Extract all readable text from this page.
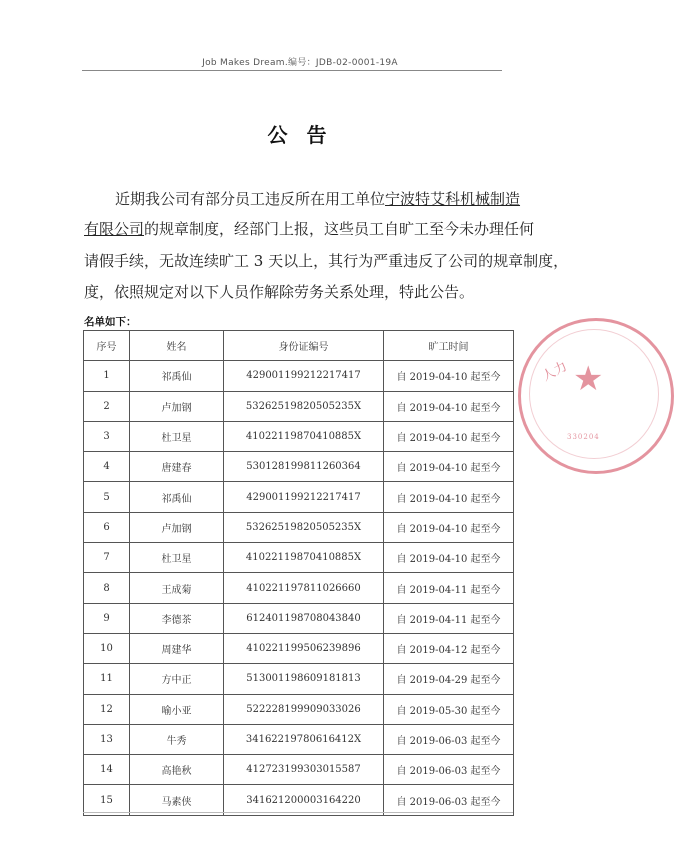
Job Makes Dream.编号：JDB-02-0001-19A
公 告
近期我公司有部分员工违反所在用工单位宁波特艾科机械制造
有限公司的规章制度，经部门上报，这些员工自旷工至今未办理任何
请假手续，无故连续旷工 3 天以上，其行为严重违反了公司的规章制度，
度，依照规定对以下人员作解除劳务关系处理，特此公告。
名单如下：
序号	姓名	身份证编号	旷工时间
1	祁禹仙	429001199212217417	自 2019-04-10 起至今
2	卢加钢	53262519820505235X	自 2019-04-10 起至今
3	杜卫星	41022119870410885X	自 2019-04-10 起至今
4	唐建春	530128199811260364	自 2019-04-10 起至今
5	祁禹仙	429001199212217417	自 2019-04-10 起至今
6	卢加钢	53262519820505235X	自 2019-04-10 起至今
7	杜卫星	41022119870410885X	自 2019-04-10 起至今
8	王成菊	410221197811026660	自 2019-04-11 起至今
9	李德茶	612401198708043840	自 2019-04-11 起至今
10	周建华	410221199506239896	自 2019-04-12 起至今
11	方中正	513001198609181813	自 2019-04-29 起至今
12	喻小亚	522228199909033026	自 2019-05-30 起至今
13	牛秀	34162219780616412X	自 2019-06-03 起至今
14	高艳秋	412723199303015587	自 2019-06-03 起至今
15	马素侠	341621200003164220	自 2019-06-03 起至今
★
人力
330204
